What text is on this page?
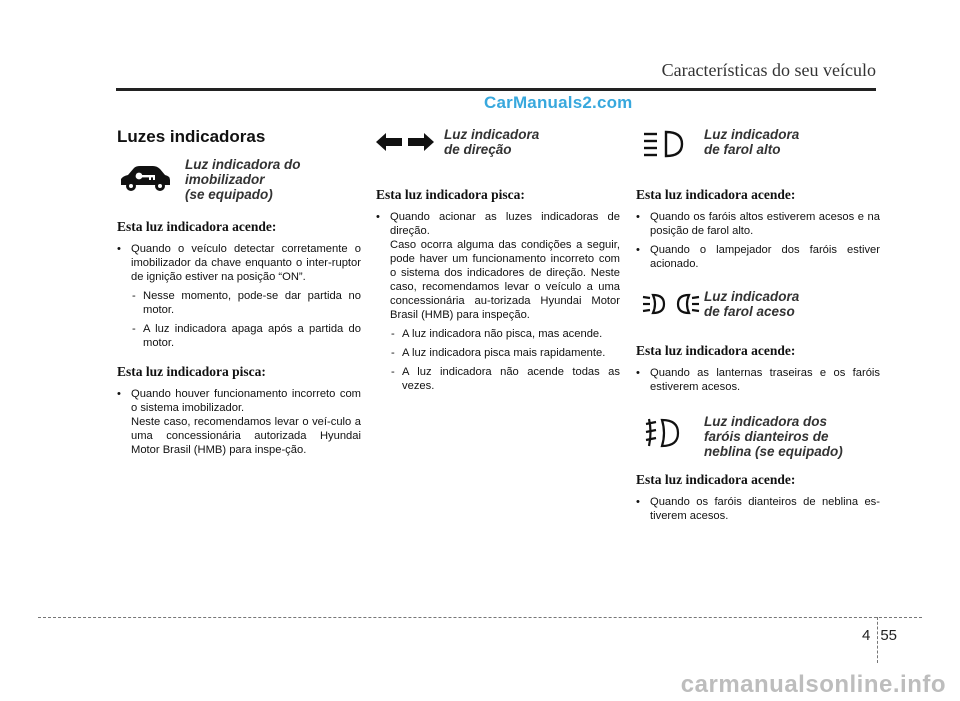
Características do seu veículo
CarManuals2.com
Luzes indicadoras
Luz indicadora do
imobilizador
(se equipado)
Esta luz indicadora acende:
• Quando o veículo detectar corretamente o imobilizador da chave enquanto o inter-ruptor de ignição estiver na posição “ON”.
- Nesse momento, pode-se dar partida no motor.
- A luz indicadora apaga após a partida do motor.
Esta luz indicadora pisca:
• Quando houver funcionamento incorreto com o sistema imobilizador.
Neste caso, recomendamos levar o veí-culo a uma concessionária autorizada Hyundai Motor Brasil (HMB) para inspe-ção.
Luz indicadora
de direção
Esta luz indicadora pisca:
• Quando acionar as luzes indicadoras de direção.
Caso ocorra alguma das condições a seguir, pode haver um funcionamento incorreto com o sistema dos indicadores de direção. Neste caso, recomendamos levar o veículo a uma concessionária au-torizada Hyundai Motor Brasil (HMB) para inspeção.
- A luz indicadora não pisca, mas acende.
- A luz indicadora pisca mais rapidamente.
- A luz indicadora não acende todas as vezes.
Luz indicadora
de farol alto
Esta luz indicadora acende:
• Quando os faróis altos estiverem acesos e na posição de farol alto.
• Quando o lampejador dos faróis estiver acionado.
Luz indicadora
de farol aceso
Esta luz indicadora acende:
• Quando as lanternas traseiras e os faróis estiverem acesos.
Luz indicadora dos
faróis dianteiros de
neblina (se equipado)
Esta luz indicadora acende:
• Quando os faróis dianteiros de neblina es-tiverem acesos.
4 55
carmanualsonline.info
